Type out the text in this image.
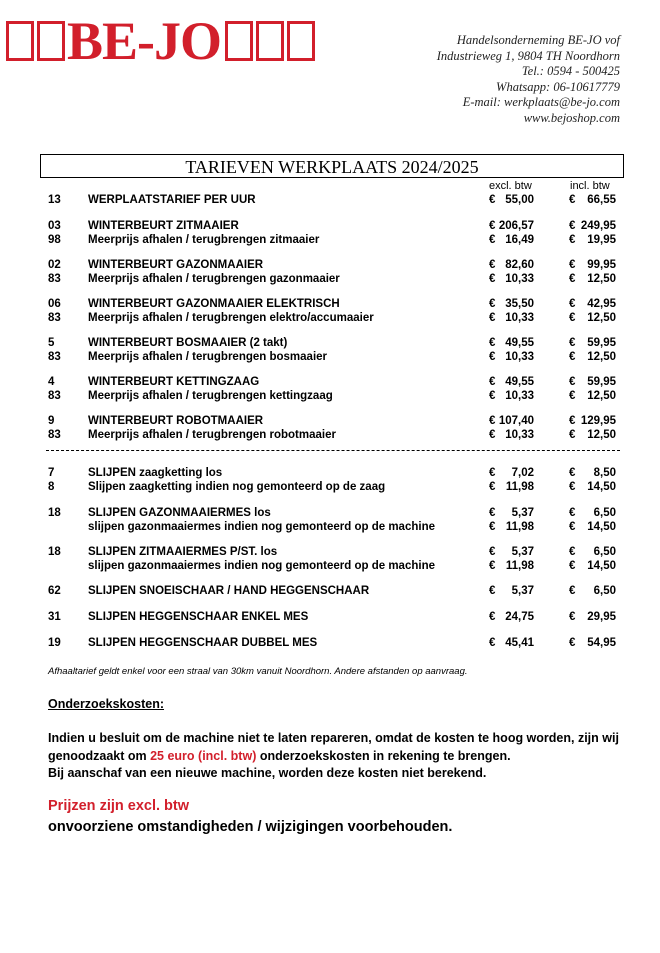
BE-JO	Handelsonderneming BE-JO vof
Industrieweg 1, 9804 TH Noordhorn
Tel.: 0594 - 500425
Whatsapp: 06-10617779
E-mail: werkplaats@be-jo.com
www.bejoshop.com
TARIEVEN WERKPLAATS 2024/2025
excl. btw	incl. btw
13 WERPLAATSTARIEF PER UUR	€ 55,00	€	66,55
03 WINTERBEURT ZITMAAIER	€ 206,57	€ 249,95
98 Meerprijs afhalen / terugbrengen zitmaaier	€ 16,49	€	19,95
02 WINTERBEURT GAZONMAAIER	€ 82,60	€	99,95
83 Meerprijs afhalen / terugbrengen gazonmaaier	€ 10,33	€	12,50
06 WINTERBEURT GAZONMAAIER ELEKTRISCH	€ 35,50	€	42,95
83 Meerprijs afhalen / terugbrengen elektro/accumaaier	€ 10,33	€	12,50
5	WINTERBEURT BOSMAAIER (2 takt)	€ 49,55	€	59,95
83 Meerprijs afhalen / terugbrengen bosmaaier	€ 10,33	€	12,50
4	WINTERBEURT KETTINGZAAG	€ 49,55	€	59,95
83 Meerprijs afhalen / terugbrengen kettingzaag	€ 10,33	€	12,50
9	WINTERBEURT ROBOTMAAIER	€ 107,40	€ 129,95
83 Meerprijs afhalen / terugbrengen robotmaaier	€ 10,33	€	12,50
7	SLIJPEN zaagketting los	€	7,02	€	8,50
8	Slijpen zaagketting indien nog gemonteerd op de zaag	€ 11,98	€	14,50
18 SLIJPEN GAZONMAAIERMES los	€	5,37	€	6,50
slijpen gazonmaaiermes indien nog gemonteerd op de machine	€ 11,98	€	14,50
18 SLIJPEN ZITMAAIERMES P/ST. los	€	5,37	€	6,50
slijpen gazonmaaiermes indien nog gemonteerd op de machine	€ 11,98	€	14,50
62 SLIJPEN SNOEISCHAAR / HAND HEGGENSCHAAR	€	5,37	€	6,50
31 SLIJPEN HEGGENSCHAAR ENKEL MES	€ 24,75	€	29,95
19 SLIJPEN HEGGENSCHAAR DUBBEL MES	€ 45,41	€	54,95
Afhaaltarief geldt enkel voor een straal van 30km vanuit Noordhorn. Andere afstanden op aanvraag.
Onderzoekskosten:
Indien u besluit om de machine niet te laten repareren, omdat de kosten te hoog worden, zijn wij genoodzaakt om 25 euro (incl. btw) onderzoekskosten in rekening te brengen.
Bij aanschaf van een nieuwe machine, worden deze kosten niet berekend.
Prijzen zijn excl. btw
onvoorziene omstandigheden / wijzigingen voorbehouden.
